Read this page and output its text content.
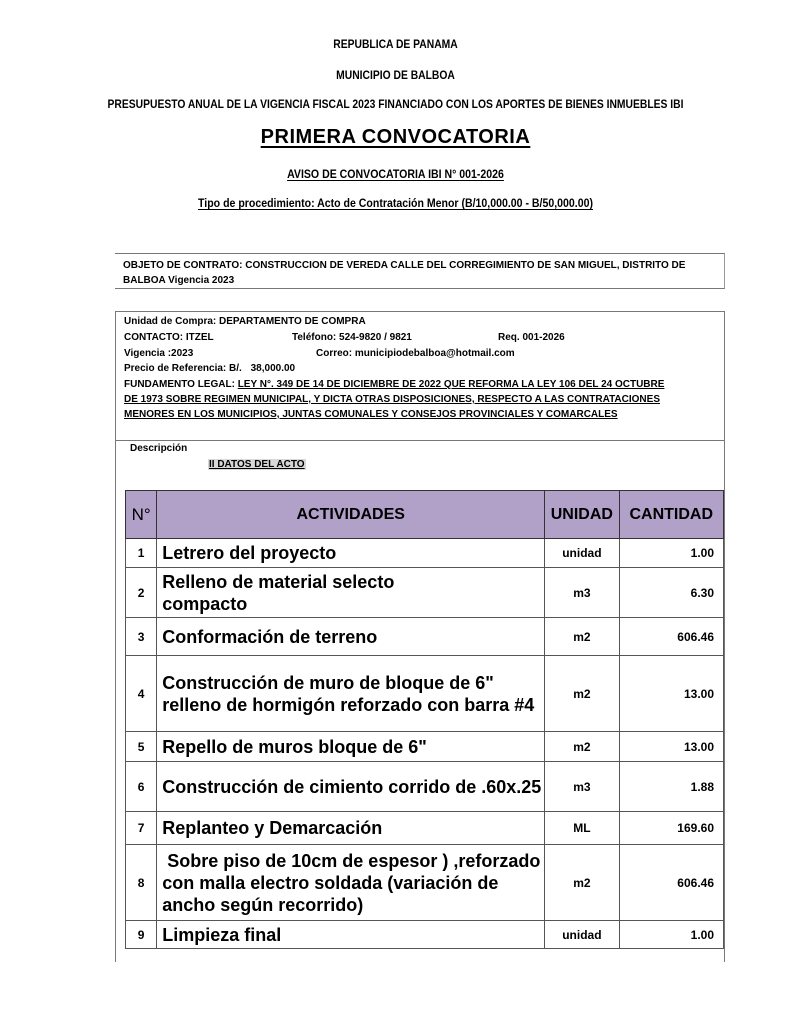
REPUBLICA DE PANAMA
MUNICIPIO DE BALBOA
PRESUPUESTO ANUAL DE LA VIGENCIA FISCAL 2023 FINANCIADO CON LOS APORTES DE BIENES INMUEBLES IBI
PRIMERA CONVOCATORIA
AVISO DE CONVOCATORIA IBI N° 001-2026
Tipo de procedimiento: Acto de Contratación Menor (B/10,000.00 - B/50,000.00)
OBJETO DE CONTRATO: CONSTRUCCION DE VEREDA CALLE DEL CORREGIMIENTO DE SAN MIGUEL, DISTRITO DE BALBOA Vigencia 2023
Unidad de Compra: DEPARTAMENTO DE COMPRA
CONTACTO: ITZEL	Teléfono: 524-9820 / 9821	Req. 001-2026
Vigencia :2023	Correo: municipiodebalboa@hotmail.com
Precio de Referencia: B/. 38,000.00
FUNDAMENTO LEGAL: LEY N°. 349 DE 14 DE DICIEMBRE DE 2022 QUE REFORMA LA LEY 106 DEL 24 OCTUBRE
DE 1973 SOBRE REGIMEN MUNICIPAL, Y DICTA OTRAS DISPOSICIONES, RESPECTO A LAS CONTRATACIONES
MENORES EN LOS MUNICIPIOS, JUNTAS COMUNALES Y CONSEJOS PROVINCIALES Y COMARCALES
Descripción
II DATOS DEL ACTO
N°	ACTIVIDADES	UNIDAD	CANTIDAD
1	Letrero del proyecto	unidad	1.00
2	Relleno de material selecto compacto	m3	6.30
3	Conformación de terreno	m2	606.46
4	Construcción de muro de bloque de 6" relleno de hormigón reforzado con barra #4	m2	13.00
5	Repello de muros bloque de 6"	m2	13.00
6	Construcción de cimiento corrido de .60x.25	m3	1.88
7	Replanteo y Demarcación	ML	169.60
8	Sobre piso de 10cm de espesor ) ,reforzado con malla electro soldada (variación de ancho según recorrido)	m2	606.46
9	Limpieza final	unidad	1.00
